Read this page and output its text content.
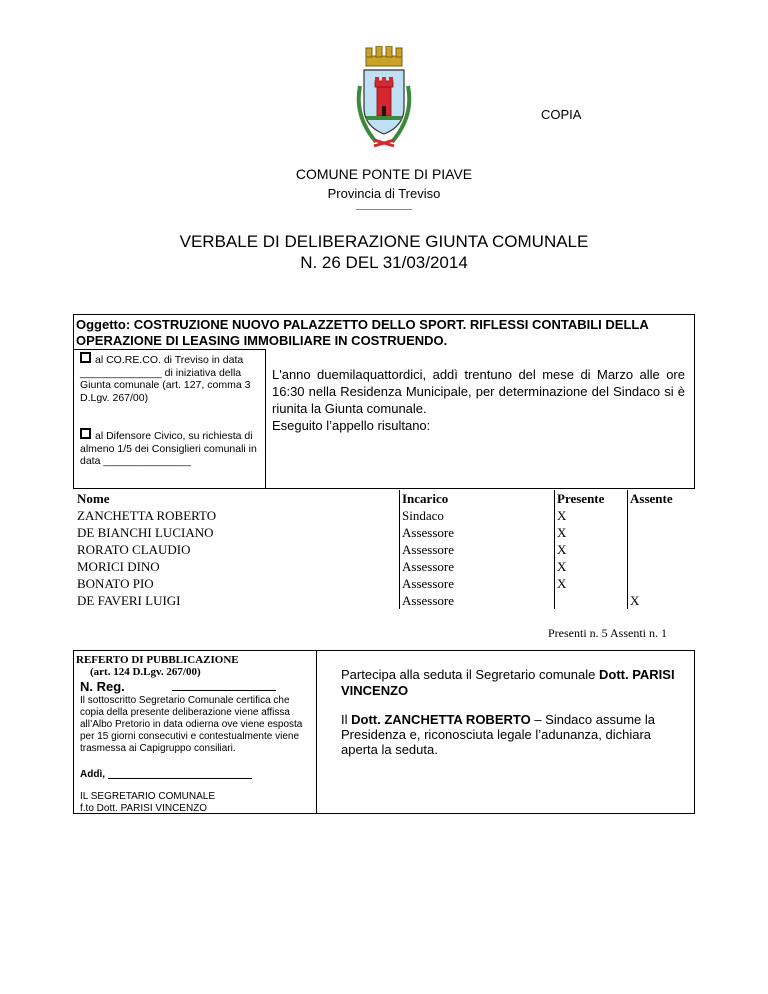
COPIA
COMUNE PONTE DI PIAVE
Provincia di Treviso
VERBALE DI DELIBERAZIONE GIUNTA COMUNALE
N. 26 DEL 31/03/2014
Oggetto: COSTRUZIONE NUOVO PALAZZETTO DELLO SPORT. RIFLESSI CONTABILI DELLA OPERAZIONE DI LEASING IMMOBILIARE IN COSTRUENDO.
al CO.RE.CO. di Treviso in data ______________ di iniziativa della Giunta comunale (art. 127, comma 3 D.Lgv. 267/00)
al Difensore Civico, su richiesta di almeno 1/5 dei Consiglieri comunali in data _______________
L'anno duemilaquattordici, addì trentuno del mese di Marzo alle ore 16:30 nella Residenza Municipale, per determinazione del Sindaco si è riunita la Giunta comunale.
Eseguito l’appello risultano:
Nome	Incarico	Presente	Assente
ZANCHETTA ROBERTO	Sindaco	X	
DE BIANCHI LUCIANO	Assessore	X	
RORATO CLAUDIO	Assessore	X	
MORICI DINO	Assessore	X	
BONATO PIO	Assessore	X	
DE FAVERI LUIGI	Assessore		X
Presenti n. 5 Assenti n. 1
REFERTO DI PUBBLICAZIONE
(art. 124 D.Lgv. 267/00)
N. Reg.
Il sottoscritto Segretario Comunale certifica che copia della presente deliberazione viene affissa all’Albo Pretorio in data odierna ove viene esposta per 15 giorni consecutivi e contestualmente viene trasmessa ai Capigruppo consiliari.
Addì,
IL SEGRETARIO COMUNALE
f.to Dott. PARISI VINCENZO
Partecipa alla seduta il Segretario comunale Dott. PARISI VINCENZO
Il Dott. ZANCHETTA ROBERTO – Sindaco assume la Presidenza e, riconosciuta legale l’adunanza, dichiara aperta la seduta.
